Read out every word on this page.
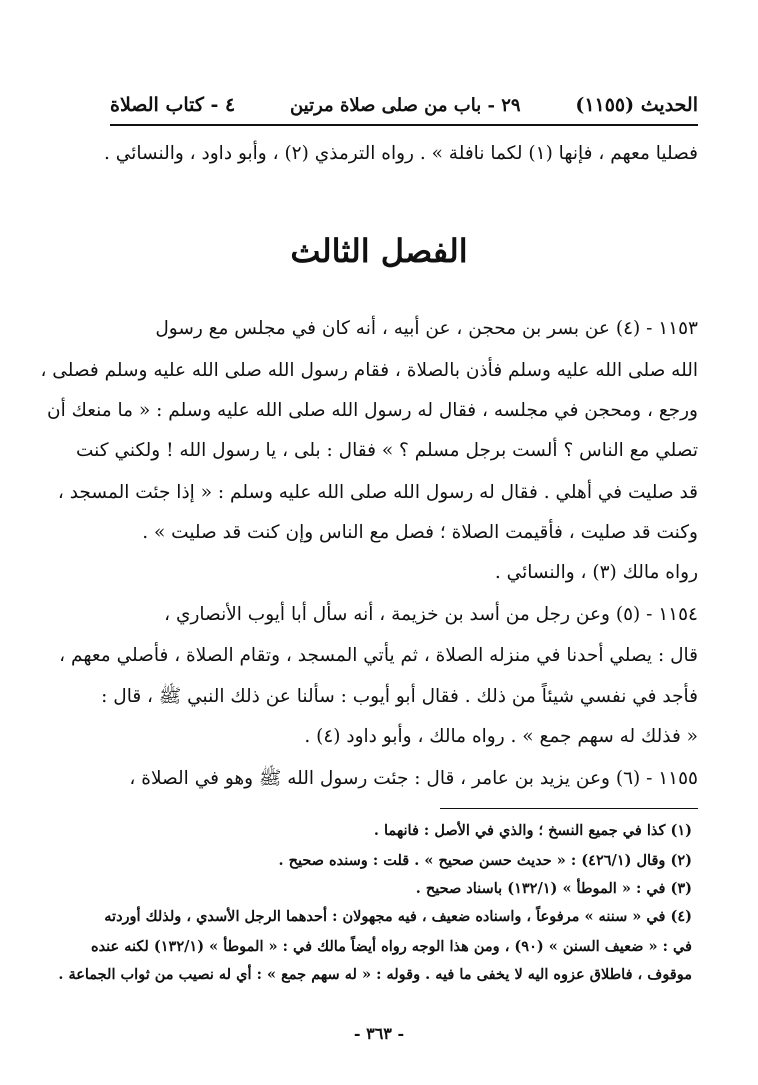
٤ - كتاب الصلاة	٢٩ - باب من صلى صلاة مرتين	الحديث (١١٥٥)
فصليا معهم ، فإنها (١) لكما نافلة » . رواه الترمذي (٢) ، وأبو داود ، والنسائي .
الفصل الثالث
١١٥٣ - (٤) عن بسر بن محجن ، عن أبيه ، أنه كان في مجلس مع رسول
الله صلى الله عليه وسلم فأذن بالصلاة ، فقام رسول الله صلى الله عليه وسلم فصلى ،
ورجع ، ومحجن في مجلسه ، فقال له رسول الله صلى الله عليه وسلم : « ما منعك أن
تصلي مع الناس ؟ ألست برجل مسلم ؟ » فقال : بلى ، يا رسول الله ! ولكني كنت
قد صليت في أهلي . فقال له رسول الله صلى الله عليه وسلم : « إذا جئت المسجد ،
وكنت قد صليت ، فأقيمت الصلاة ؛ فصل مع الناس وإن كنت قد صليت » .
رواه مالك (٣) ، والنسائي .
١١٥٤ - (٥) وعن رجل من أسد بن خزيمة ، أنه سأل أبا أيوب الأنصاري ،
قال : يصلي أحدنا في منزله الصلاة ، ثم يأتي المسجد ، وتقام الصلاة ، فأصلي معهم ،
فأجد في نفسي شيئاً من ذلك . فقال أبو أيوب : سألنا عن ذلك النبي ﷺ ، قال :
« فذلك له سهم جمع » . رواه مالك ، وأبو داود (٤) .
١١٥٥ - (٦) وعن يزيد بن عامر ، قال : جئت رسول الله ﷺ وهو في الصلاة ،
(١) كذا في جميع النسخ ؛ والذي في الأصل : فانهما .
(٢) وقال (٤٢٦/١) : « حديث حسن صحيح » . قلت : وسنده صحيح .
(٣) في : « الموطأ » (١٣٢/١) باسناد صحيح .
(٤) في « سننه » مرفوعاً ، واسناده ضعيف ، فيه مجهولان : أحدهما الرجل الأسدي ، ولذلك أوردته
في : « ضعيف السنن » (٩٠) ، ومن هذا الوجه رواه أيضاً مالك في : « الموطأ » (١٣٢/١) لكنه عنده
موقوف ، فاطلاق عزوه اليه لا يخفى ما فيه . وقوله : « له سهم جمع » : أي له نصيب من ثواب الجماعة .
- ٣٦٣ -
